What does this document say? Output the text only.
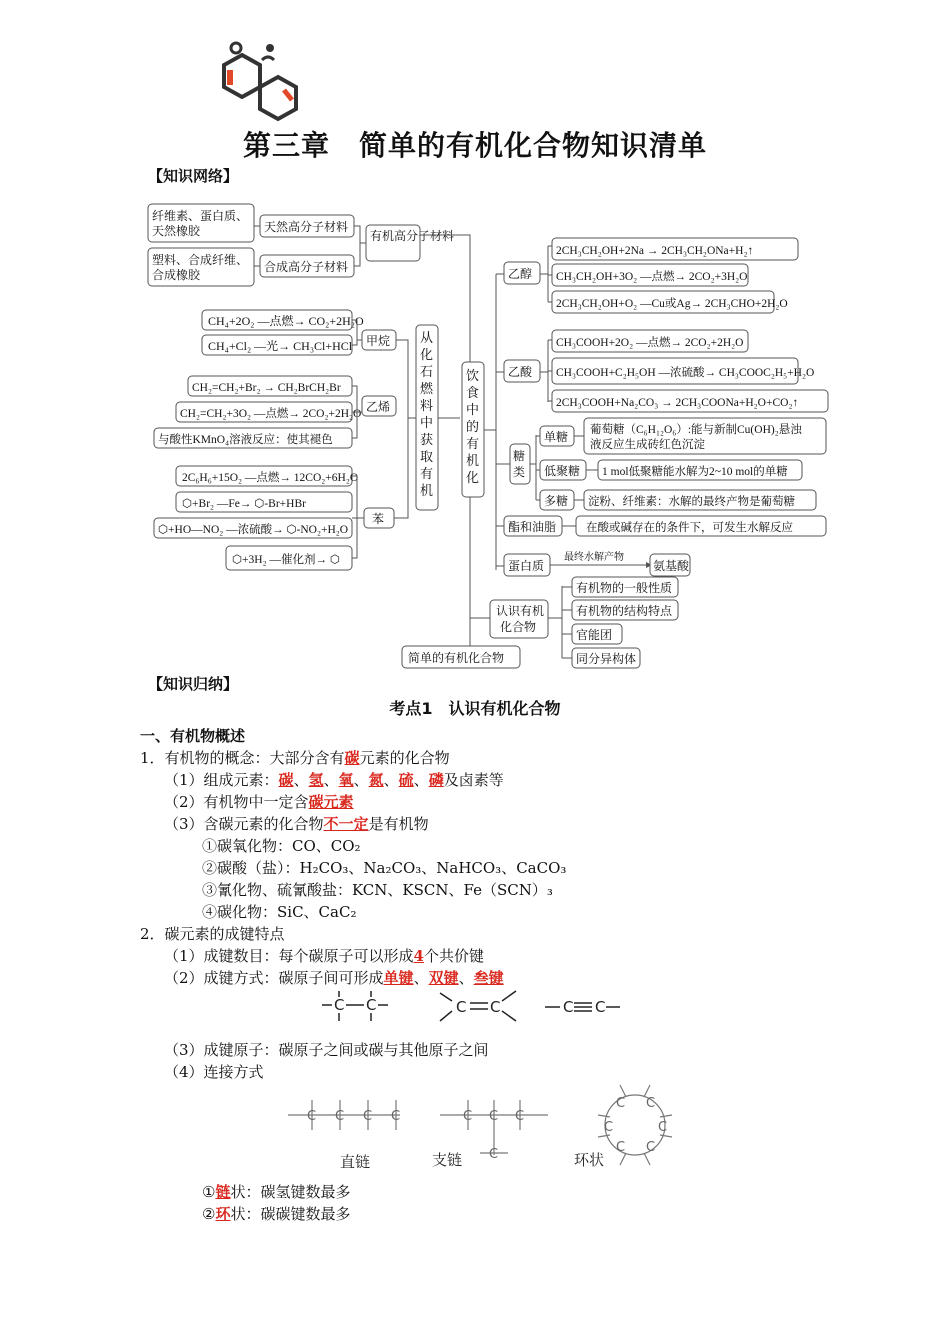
第三章　简单的有机化合物知识清单
【知识网络】
纤维素、蛋白质、
天然橡胶
塑料、合成纤维、
合成橡胶
天然高分子材料
合成高分子材料
有机高分子材料
CH₄+2O₂ —点燃→ CO₂+2H₂O
CH₄+Cl₂ —光→ CH₃Cl+HCl 甲烷
CH₂=CH₂+Br₂ → CH₂BrCH₂Br
CH₂=CH₂+3O₂ —点燃→ 2CO₂+2H₂O
与酸性KMnO₄溶液反应：使其褪色
乙烯
2C₆H₆+15O₂ —点燃→ 12CO₂+6H₂O
⬡+Br₂ —Fe→ ⬡-Br+HBr
⬡+HO—NO₂ —浓硫酸→ ⬡-NO₂+H₂O
⬡+3H₂ —催化剂→ ⬡
苯
从化石燃料中获取有机
饮食中的有机化
乙醇
乙酸
糖类
酯和油脂
蛋白质
2CH₃CH₂OH+2Na → 2CH₃CH₂ONa+H₂↑
CH₃CH₂OH+3O₂ —点燃→ 2CO₂+3H₂O
2CH₃CH₂OH+O₂ —Cu或Ag→ 2CH₃CHO+2H₂O
CH₃COOH+2O₂ —点燃→ 2CO₂+2H₂O
CH₃COOH+C₂H₅OH —浓硫酸→ CH₃COOC₂H₅+H₂O
2CH₃COOH+Na₂CO₃ → 2CH₃COONa+H₂O+CO₂↑
单糖
低聚糖
多糖
葡萄糖（C₆H₁₂O₆）:能与新制Cu(OH)₂悬浊
液反应生成砖红色沉淀
1 mol低聚糖能水解为2~10 mol的单糖
淀粉、纤维素：水解的最终产物是葡萄糖
在酸或碱存在的条件下，可发生水解反应
最终水解产物
氨基酸
认识有机
化合物
有机物的一般性质
有机物的结构特点
官能团
同分异构体
简单的有机化合物
【知识归纳】
考点1　认识有机化合物
一、有机物概述
1．有机物的概念：大部分含有碳元素的化合物
（1）组成元素：碳、氢、氧、氮、硫、磷及卤素等
（2）有机物中一定含碳元素
（3）含碳元素的化合物不一定是有机物
①碳氧化物：CO、CO₂
②碳酸（盐）：H₂CO₃、Na₂CO₃、NaHCO₃、CaCO₃
③氰化物、硫氰酸盐：KCN、KSCN、Fe（SCN）₃
④碳化物：SiC、CaC₂
2．碳元素的成键特点
（1）成键数目：每个碳原子可以形成4个共价键
（2）成键方式：碳原子间可形成单键、双键、叁键
（3）成键原子：碳原子之间或碳与其他原子之间
（4）连接方式
①链状：碳氢键数最多
②环状：碳碳键数最多
C C	C C	C C
C C C C	C C C
C
C C
C	C
C C
直链	支链	环状
